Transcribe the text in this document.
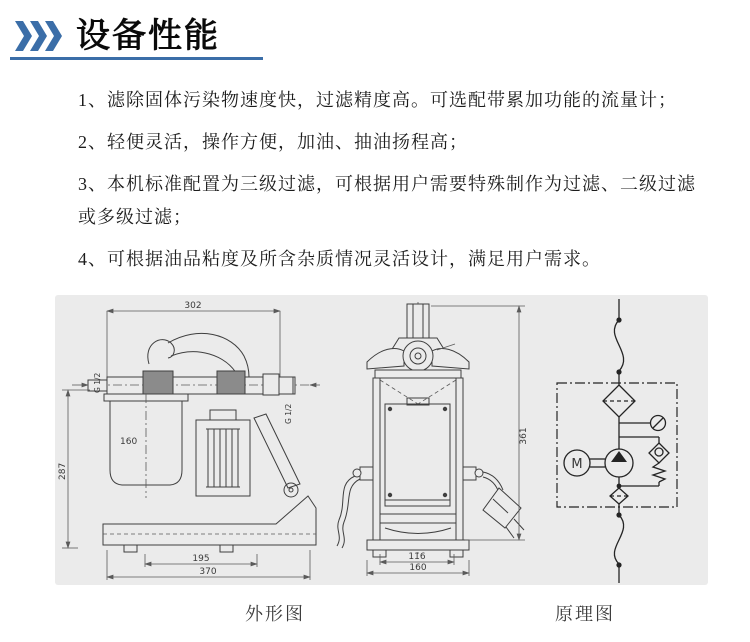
设备性能

1、滤除固体污染物速度快，过滤精度高。可选配带累加功能的流量计；

2、轻便灵活，操作方便，加油、抽油扬程高；

3、本机标准配置为三级过滤，可根据用户需要特殊制作为过滤、二级过滤或多级过滤；

4、可根据油品粘度及所含杂质情况灵活设计，满足用户需求。

302
G 1/2
287
160
G 1/2
195
370
116
160
361
M
外形图	原理图
